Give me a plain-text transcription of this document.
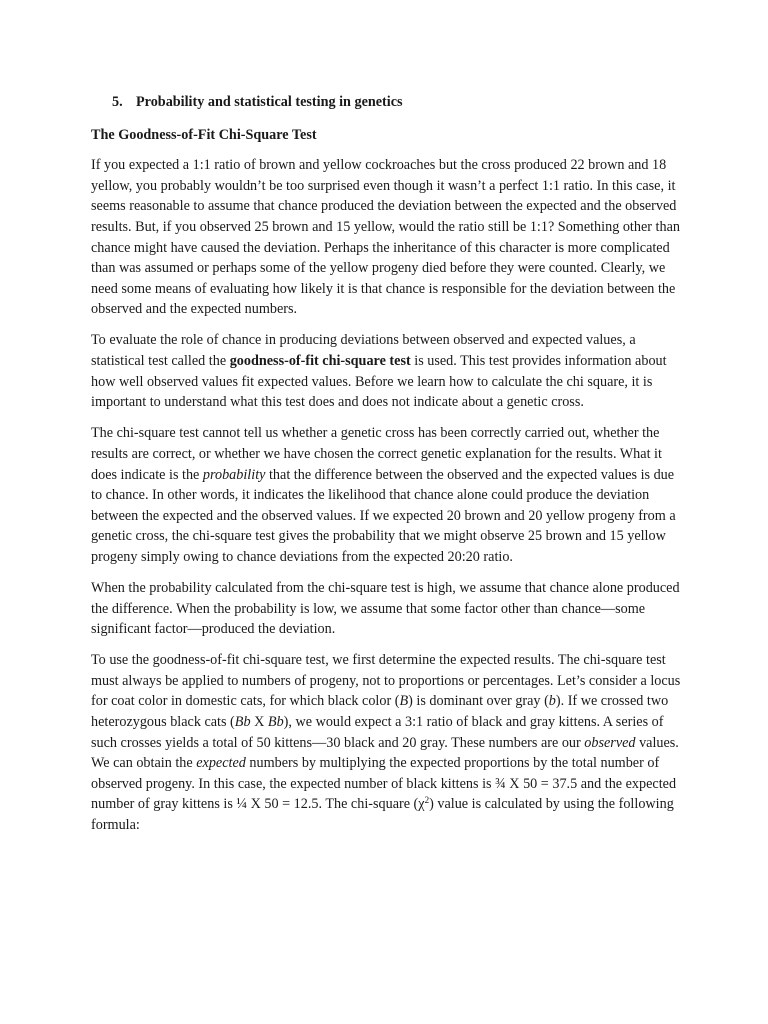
5. Probability and statistical testing in genetics
The Goodness-of-Fit Chi-Square Test

If you expected a 1:1 ratio of brown and yellow cockroaches but the cross produced 22 brown and 18 yellow, you probably wouldn’t be too surprised even though it wasn’t a perfect 1:1 ratio. In this case, it seems reasonable to assume that chance produced the deviation between the expected and the observed results. But, if you observed 25 brown and 15 yellow, would the ratio still be 1:1? Something other than chance might have caused the deviation. Perhaps the inheritance of this character is more complicated than was assumed or perhaps some of the yellow progeny died before they were counted. Clearly, we need some means of evaluating how likely it is that chance is responsible for the deviation between the observed and the expected numbers.

To evaluate the role of chance in producing deviations between observed and expected values, a statistical test called the goodness-of-fit chi-square test is used. This test provides information about how well observed values fit expected values. Before we learn how to calculate the chi square, it is important to understand what this test does and does not indicate about a genetic cross.

The chi-square test cannot tell us whether a genetic cross has been correctly carried out, whether the results are correct, or whether we have chosen the correct genetic explanation for the results. What it does indicate is the probability that the difference between the observed and the expected values is due to chance. In other words, it indicates the likelihood that chance alone could produce the deviation between the expected and the observed values. If we expected 20 brown and 20 yellow progeny from a genetic cross, the chi-square test gives the probability that we might observe 25 brown and 15 yellow progeny simply owing to chance deviations from the expected 20:20 ratio.

When the probability calculated from the chi-square test is high, we assume that chance alone produced the difference. When the probability is low, we assume that some factor other than chance—some significant factor—produced the deviation.

To use the goodness-of-fit chi-square test, we first determine the expected results. The chi-square test must always be applied to numbers of progeny, not to proportions or percentages. Let’s consider a locus for coat color in domestic cats, for which black color (B) is dominant over gray (b). If we crossed two heterozygous black cats (Bb X Bb), we would expect a 3:1 ratio of black and gray kittens. A series of such crosses yields a total of 50 kittens—30 black and 20 gray. These numbers are our observed values. We can obtain the expected numbers by multiplying the expected proportions by the total number of observed progeny. In this case, the expected number of black kittens is ¾ X 50 = 37.5 and the expected number of gray kittens is ¼ X 50 = 12.5. The chi-square $(\chi^2)$ value is calculated by using the following formula:
